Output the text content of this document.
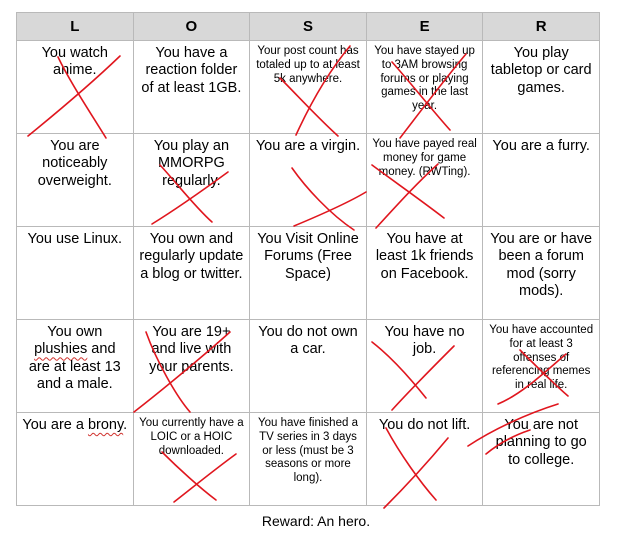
L	O	S	E	R
You watch anime.	You have a reaction folder of at least 1GB.	Your post count has totaled up to at least 5k anywhere.	You have stayed up to 3AM browsing forums or playing games in the last year.	You play tabletop or card games.
You are noticeably overweight.	You play an MMORPG regularly.	You are a virgin.	You have payed real money for game money. (RWTing).	You are a furry.
You use Linux.	You own and regularly update a blog or twitter.	You Visit Online Forums (Free Space)	You have at least 1k friends on Facebook.	You are or have been a forum mod (sorry mods).
You own plushies and are at least 13 and a male.	You are 19+ and live with your parents.	You do not own a car.	You have no job.	You have accounted for at least 3 offenses of referencing memes in real life.
You are a brony.	You currently have a LOIC or a HOIC downloaded.	You have finished a TV series in 3 days or less (must be 3 seasons or more long).	You do not lift.	You are not planning to go to college.
Reward: An hero.
